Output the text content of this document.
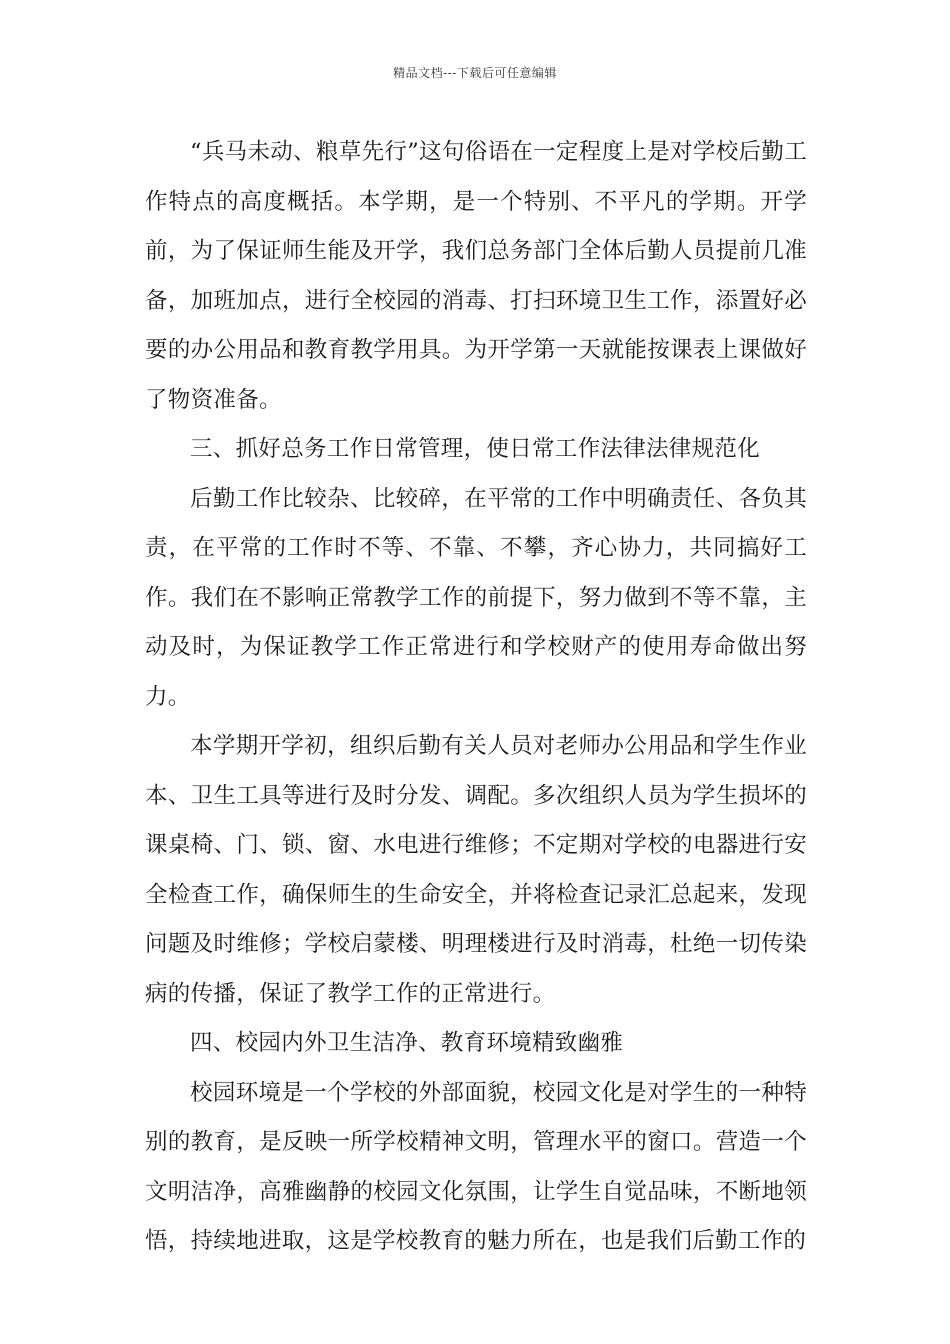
精品文档---下载后可任意编辑

“兵马未动、粮草先行”这句俗语在一定程度上是对学校后勤工作特点的高度概括。本学期，是一个特别、不平凡的学期。开学前，为了保证师生能及开学，我们总务部门全体后勤人员提前几准备，加班加点，进行全校园的消毒、打扫环境卫生工作，添置好必要的办公用品和教育教学用具。为开学第一天就能按课表上课做好了物资准备。

三、抓好总务工作日常管理，使日常工作法律法律规范化

后勤工作比较杂、比较碎，在平常的工作中明确责任、各负其责，在平常的工作时不等、不靠、不攀，齐心协力，共同搞好工作。我们在不影响正常教学工作的前提下，努力做到不等不靠，主动及时，为保证教学工作正常进行和学校财产的使用寿命做出努力。

本学期开学初，组织后勤有关人员对老师办公用品和学生作业本、卫生工具等进行及时分发、调配。多次组织人员为学生损坏的课桌椅、门、锁、窗、水电进行维修；不定期对学校的电器进行安全检查工作，确保师生的生命安全，并将检查记录汇总起来，发现问题及时维修；学校启蒙楼、明理楼进行及时消毒，杜绝一切传染病的传播，保证了教学工作的正常进行。

四、校园内外卫生洁净、教育环境精致幽雅

校园环境是一个学校的外部面貌，校园文化是对学生的一种特别的教育，是反映一所学校精神文明，管理水平的窗口。营造一个文明洁净，高雅幽静的校园文化氛围，让学生自觉品味，不断地领悟，持续地进取，这是学校教育的魅力所在，也是我们后勤工作的
